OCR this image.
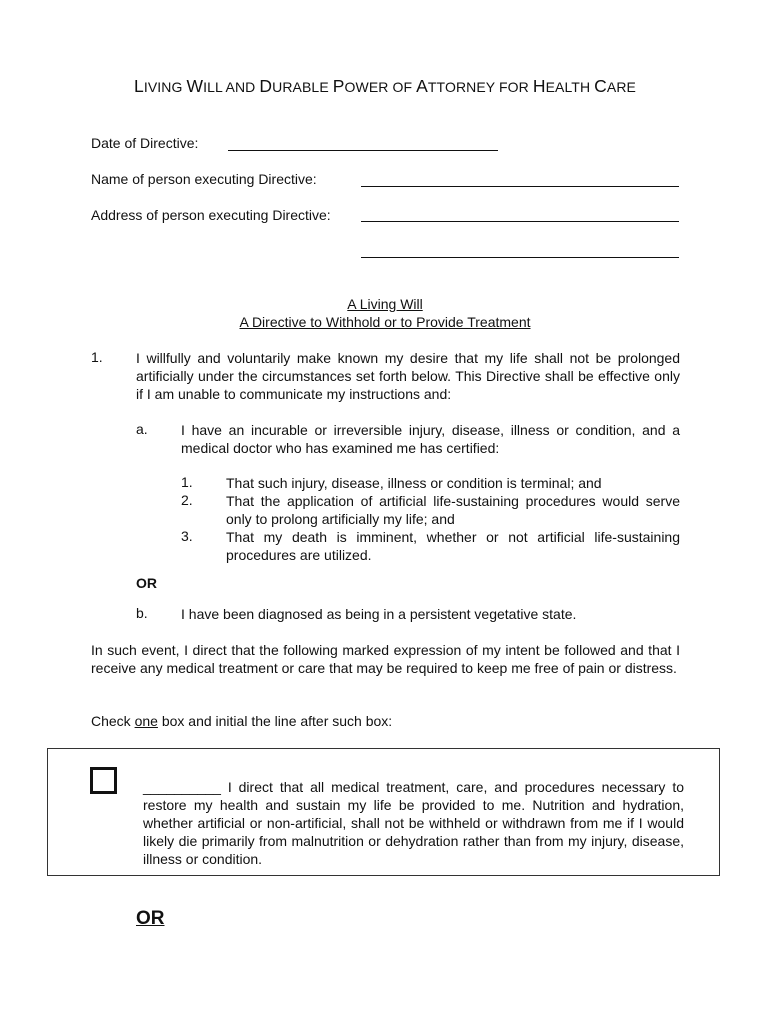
LIVING WILL AND DURABLE POWER OF ATTORNEY FOR HEALTH CARE
Date of Directive:
Name of person executing Directive:
Address of person executing Directive:
A Living Will
A Directive to Withhold or to Provide Treatment
1. I willfully and voluntarily make known my desire that my life shall not be prolonged artificially under the circumstances set forth below. This Directive shall be effective only if I am unable to communicate my instructions and:
a. I have an incurable or irreversible injury, disease, illness or condition, and a medical doctor who has examined me has certified:
1. That such injury, disease, illness or condition is terminal; and
2. That the application of artificial life-sustaining procedures would serve only to prolong artificially my life; and
3. That my death is imminent, whether or not artificial life-sustaining procedures are utilized.
OR
b. I have been diagnosed as being in a persistent vegetative state.
In such event, I direct that the following marked expression of my intent be followed and that I receive any medical treatment or care that may be required to keep me free of pain or distress.
Check one box and initial the line after such box:
__________ I direct that all medical treatment, care, and procedures necessary to restore my health and sustain my life be provided to me. Nutrition and hydration, whether artificial or non-artificial, shall not be withheld or withdrawn from me if I would likely die primarily from malnutrition or dehydration rather than from my injury, disease, illness or condition.
OR
